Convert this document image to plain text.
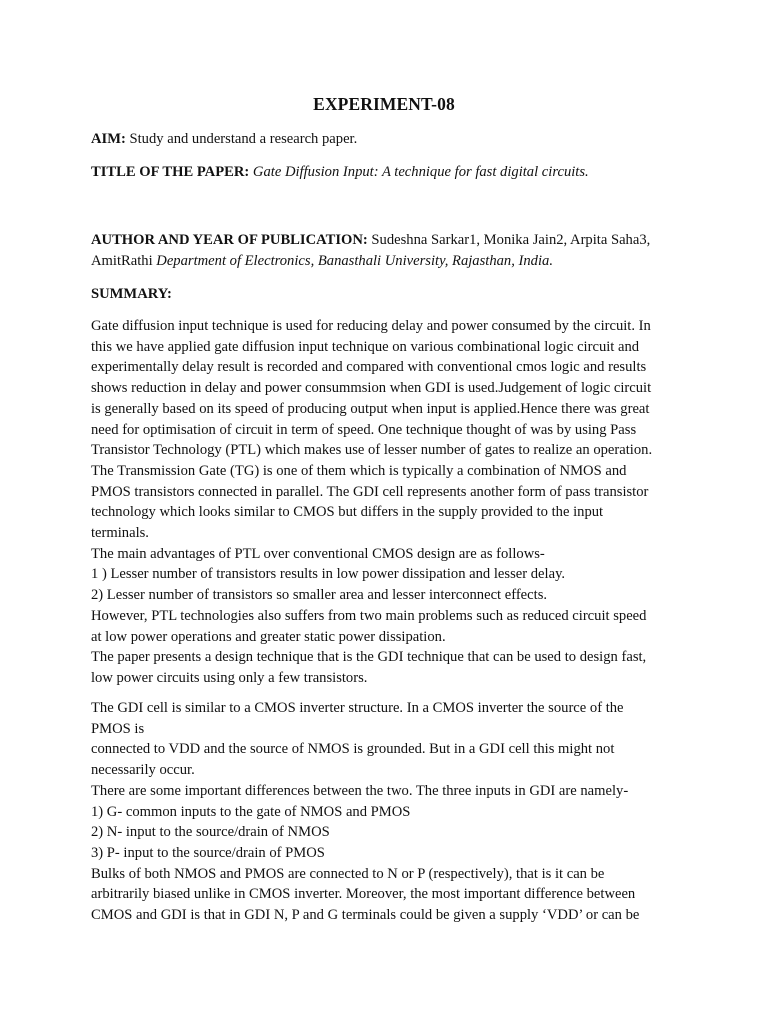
EXPERIMENT-08
AIM: Study and understand a research paper.
TITLE OF THE PAPER: Gate Diffusion Input: A technique for fast digital circuits.
AUTHOR AND YEAR OF PUBLICATION: Sudeshna Sarkar1, Monika Jain2, Arpita Saha3,
AmitRathi Department of Electronics, Banasthali University, Rajasthan, India.
SUMMARY:
Gate diffusion input technique is used for reducing delay and power consumed by the circuit. In
this we have applied gate diffusion input technique on various combinational logic circuit and
experimentally delay result is recorded and compared with conventional cmos logic and results
shows reduction in delay and power consummsion when GDI is used.Judgement of logic circuit
is generally based on its speed of producing output when input is applied.Hence there was great
need for optimisation of circuit in term of speed. One technique thought of was by using Pass
Transistor Technology (PTL) which makes use of lesser number of gates to realize an operation.
The Transmission Gate (TG) is one of them which is typically a combination of NMOS and
PMOS transistors connected in parallel. The GDI cell represents another form of pass transistor
technology which looks similar to CMOS but differs in the supply provided to the input
terminals.
The main advantages of PTL over conventional CMOS design are as follows-
1 ) Lesser number of transistors results in low power dissipation and lesser delay.
2) Lesser number of transistors so smaller area and lesser interconnect effects.
However, PTL technologies also suffers from two main problems such as reduced circuit speed
at low power operations and greater static power dissipation.
The paper presents a design technique that is the GDI technique that can be used to design fast,
low power circuits using only a few transistors.
The GDI cell is similar to a CMOS inverter structure. In a CMOS inverter the source of the
PMOS is
connected to VDD and the source of NMOS is grounded. But in a GDI cell this might not
necessarily occur.
There are some important differences between the two. The three inputs in GDI are namely-
1) G- common inputs to the gate of NMOS and PMOS
2) N- input to the source/drain of NMOS
3) P- input to the source/drain of PMOS
Bulks of both NMOS and PMOS are connected to N or P (respectively), that is it can be
arbitrarily biased unlike in CMOS inverter. Moreover, the most important difference between
CMOS and GDI is that in GDI N, P and G terminals could be given a supply ‘VDD’ or can be
